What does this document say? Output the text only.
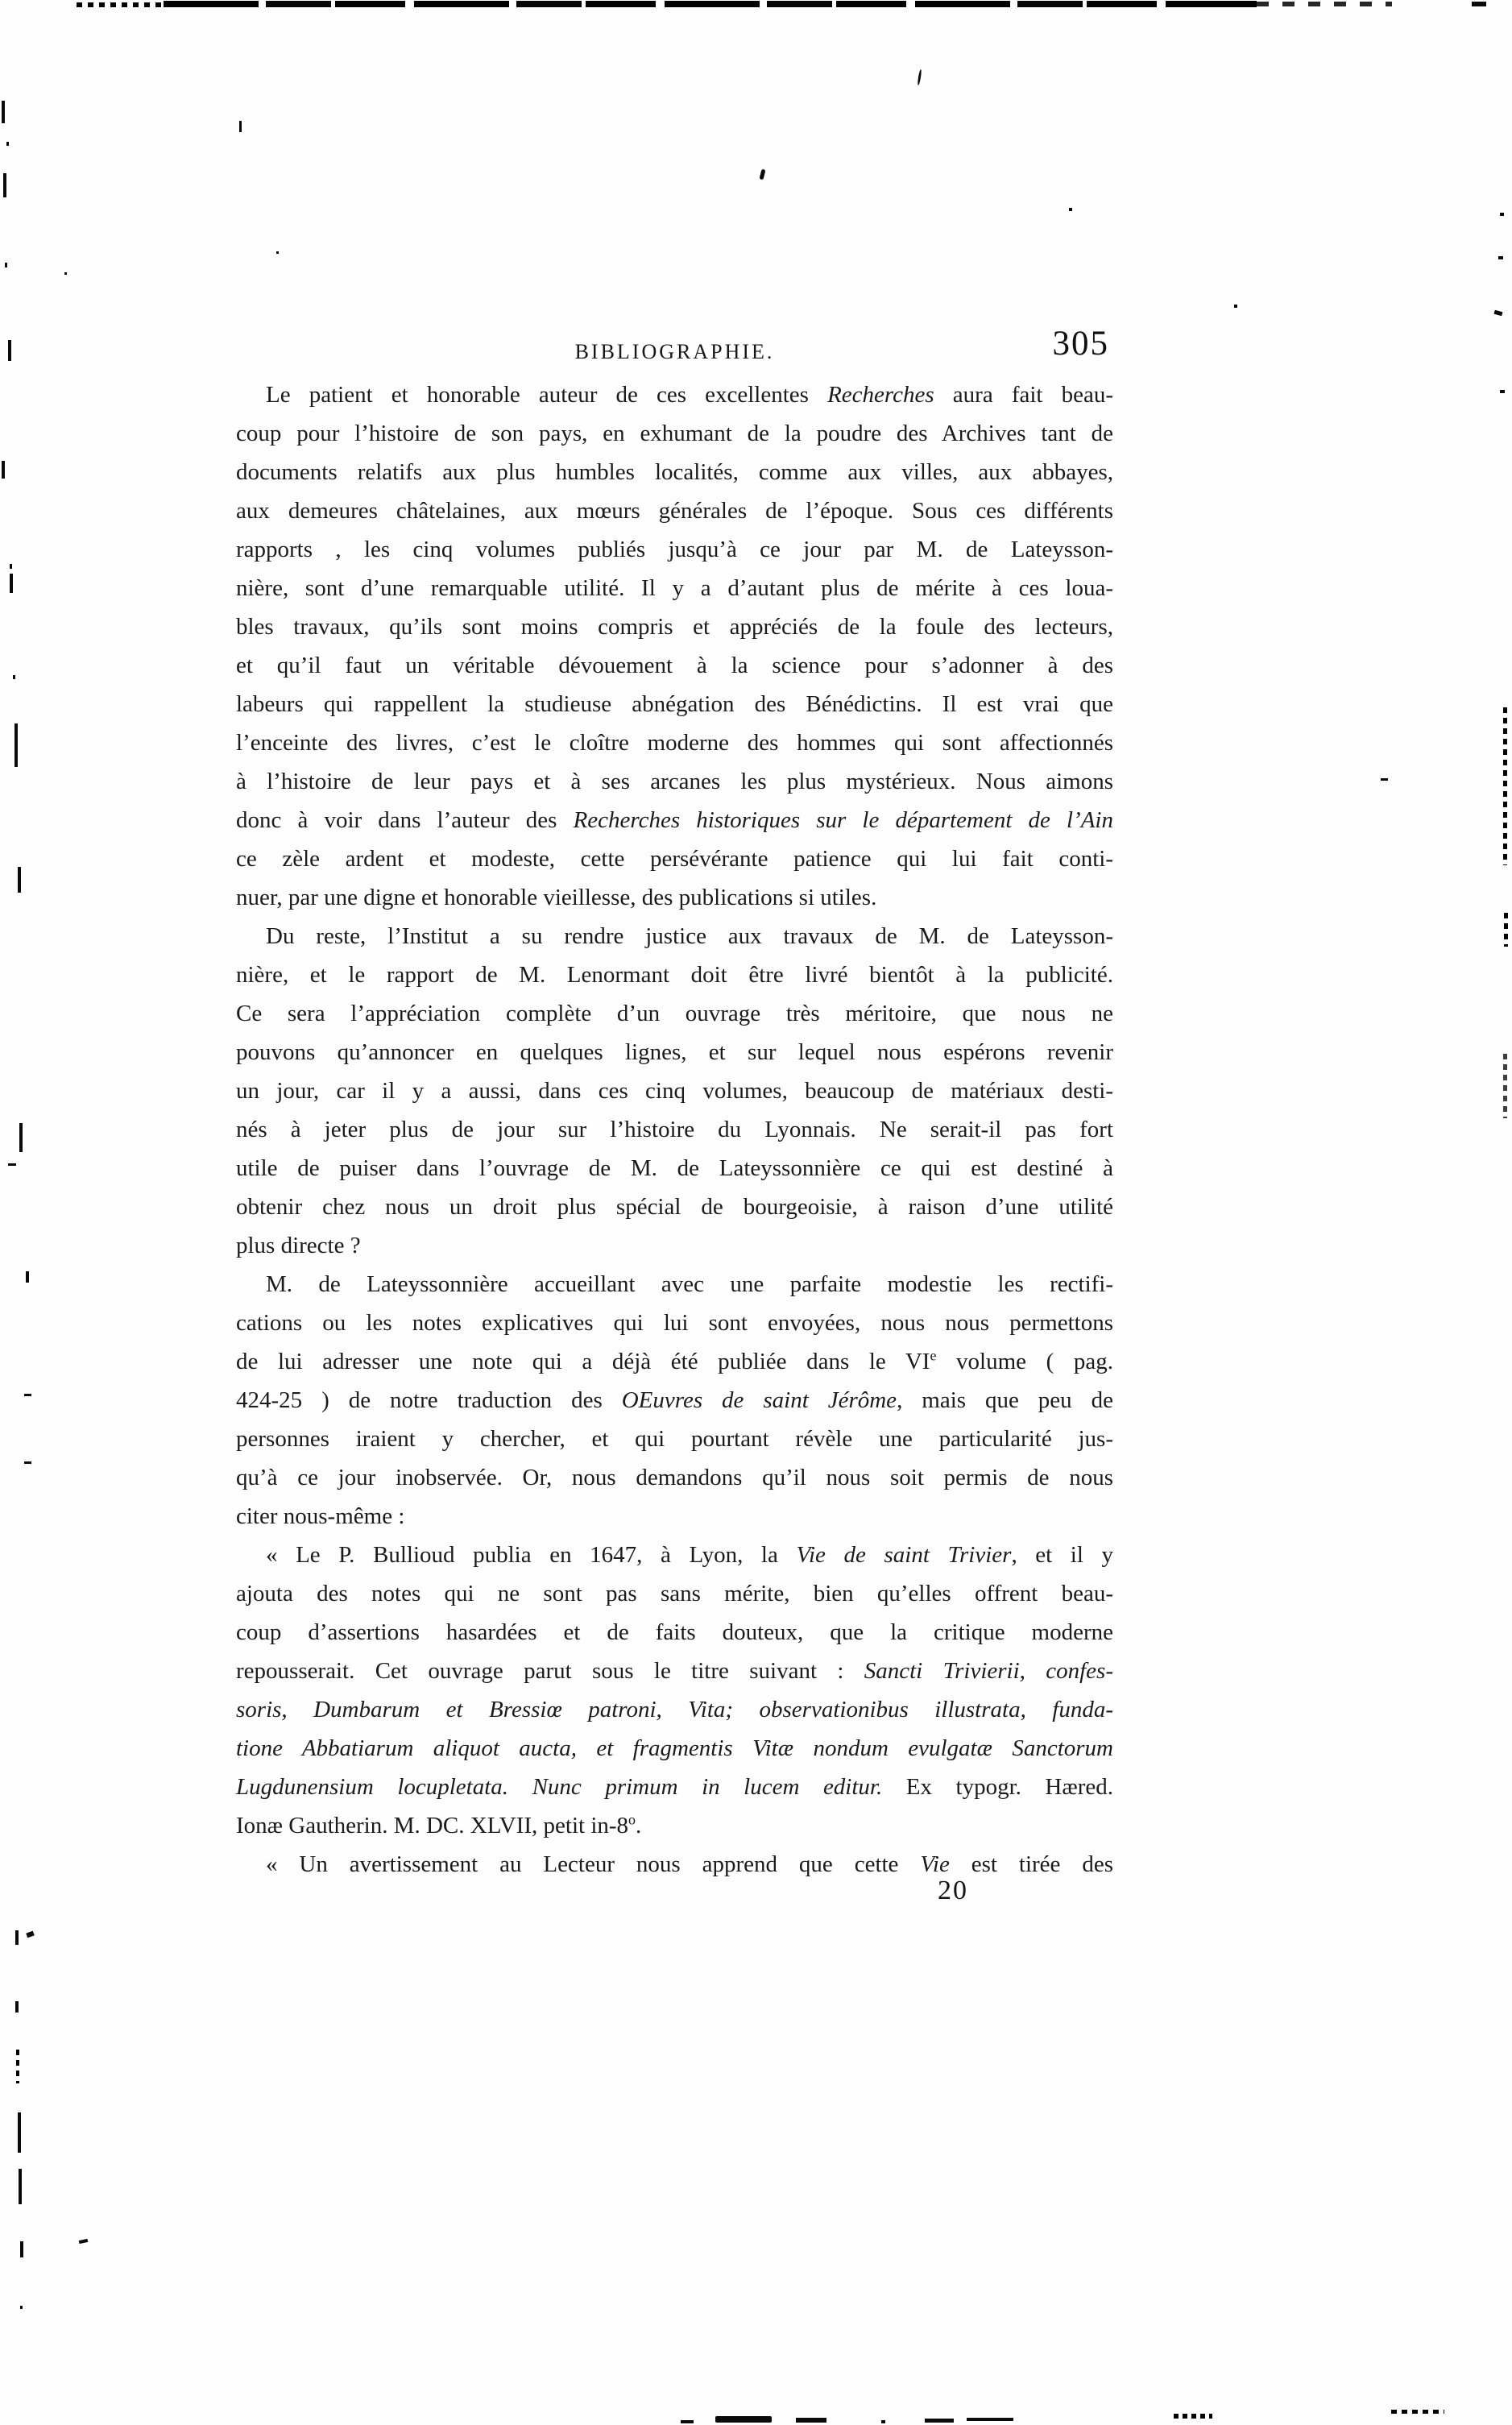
BIBLIOGRAPHIE.	305
Le patient et honorable auteur de ces excellentes Recherches aura fait beau-
coup pour l’histoire de son pays, en exhumant de la poudre des Archives tant de
documents relatifs aux plus humbles localités, comme aux villes, aux abbayes,
aux demeures châtelaines, aux mœurs générales de l’époque. Sous ces différents
rapports , les cinq volumes publiés jusqu’à ce jour par M. de Lateysson-
nière, sont d’une remarquable utilité. Il y a d’autant plus de mérite à ces loua-
bles travaux, qu’ils sont moins compris et appréciés de la foule des lecteurs,
et qu’il faut un véritable dévouement à la science pour s’adonner à des
labeurs qui rappellent la studieuse abnégation des Bénédictins. Il est vrai que
l’enceinte des livres, c’est le cloître moderne des hommes qui sont affectionnés
à l’histoire de leur pays et à ses arcanes les plus mystérieux. Nous aimons
donc à voir dans l’auteur des Recherches historiques sur le département de l’Ain
ce zèle ardent et modeste, cette persévérante patience qui lui fait conti-
nuer, par une digne et honorable vieillesse, des publications si utiles.
Du reste, l’Institut a su rendre justice aux travaux de M. de Lateysson-
nière, et le rapport de M. Lenormant doit être livré bientôt à la publicité.
Ce sera l’appréciation complète d’un ouvrage très méritoire, que nous ne
pouvons qu’annoncer en quelques lignes, et sur lequel nous espérons revenir
un jour, car il y a aussi, dans ces cinq volumes, beaucoup de matériaux desti-
nés à jeter plus de jour sur l’histoire du Lyonnais. Ne serait-il pas fort
utile de puiser dans l’ouvrage de M. de Lateyssonnière ce qui est destiné à
obtenir chez nous un droit plus spécial de bourgeoisie, à raison d’une utilité
plus directe ?
M. de Lateyssonnière accueillant avec une parfaite modestie les rectifi-
cations ou les notes explicatives qui lui sont envoyées, nous nous permettons
de lui adresser une note qui a déjà été publiée dans le VIe volume ( pag.
424-25 ) de notre traduction des OEuvres de saint Jérôme, mais que peu de
personnes iraient y chercher, et qui pourtant révèle une particularité jus-
qu’à ce jour inobservée. Or, nous demandons qu’il nous soit permis de nous
citer nous-même :
« Le P. Bullioud publia en 1647, à Lyon, la Vie de saint Trivier, et il y
ajouta des notes qui ne sont pas sans mérite, bien qu’elles offrent beau-
coup d’assertions hasardées et de faits douteux, que la critique moderne
repousserait. Cet ouvrage parut sous le titre suivant : Sancti Trivierii, confes-
soris, Dumbarum et Bressiœ patroni, Vita; observationibus illustrata, funda-
tione Abbatiarum aliquot aucta, et fragmentis Vitæ nondum evulgatæ Sanctorum
Lugdunensium locupletata. Nunc primum in lucem editur. Ex typogr. Hæred.
Ionæ Gautherin. M. DC. XLVII, petit in-8$^o$.
« Un avertissement au Lecteur nous apprend que cette Vie est tirée des
20
